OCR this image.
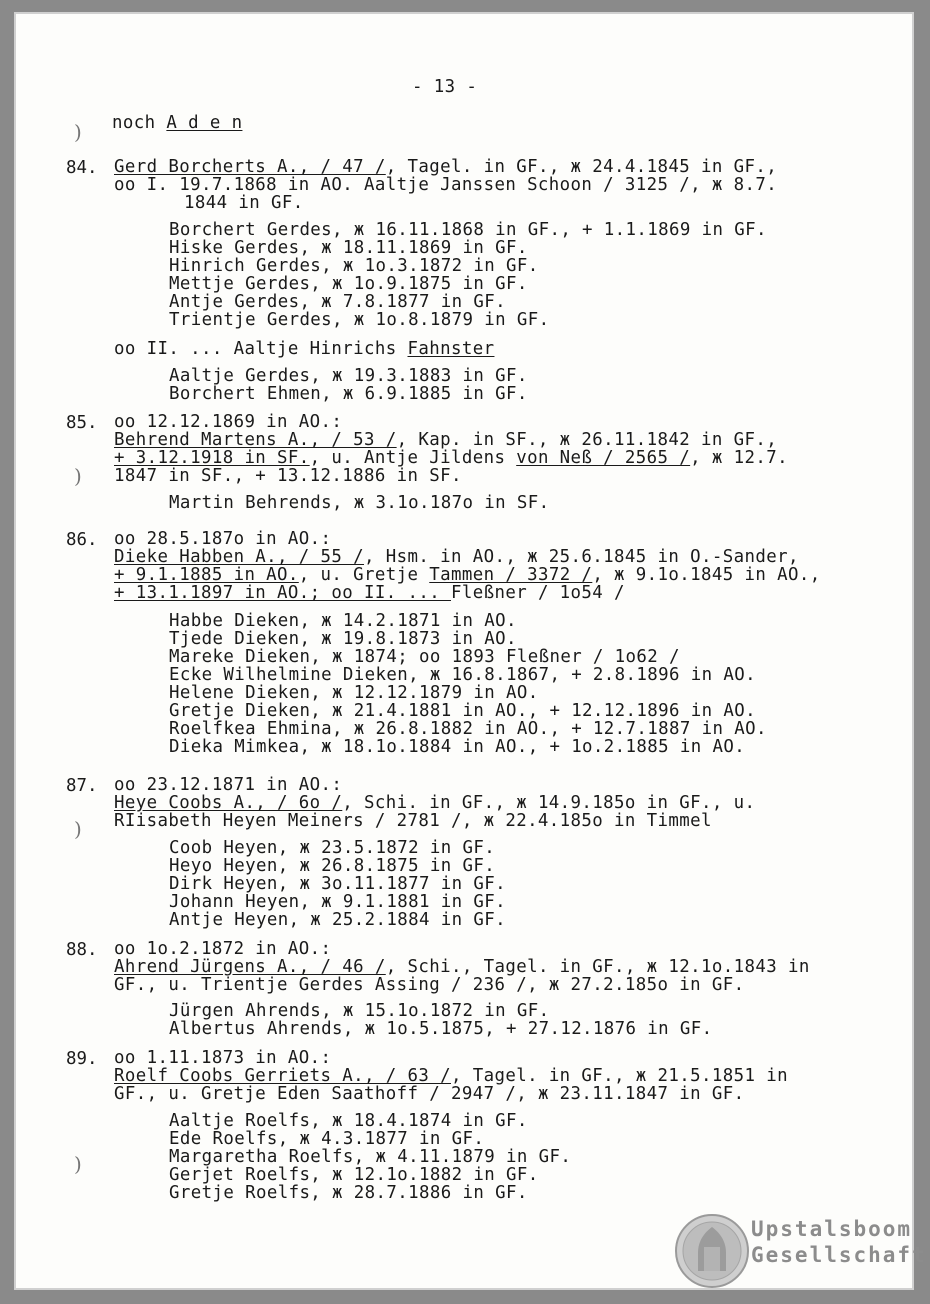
- 13 -
) noch A d e n
84. Gerd Borcherts A., / 47 /, Tagel. in GF., ж 24.4.1845 in GF.,
oo I. 19.7.1868 in AO. Aaltje Janssen Schoon / 3125 /, ж 8.7.
1844 in GF.
Borchert Gerdes, ж 16.11.1868 in GF., + 1.1.1869 in GF.
Hiske Gerdes, ж 18.11.1869 in GF.
Hinrich Gerdes, ж 1o.3.1872 in GF.
Mettje Gerdes, ж 1o.9.1875 in GF.
Antje Gerdes, ж 7.8.1877 in GF.
Trientje Gerdes, ж 1o.8.1879 in GF.
oo II. ... Aaltje Hinrichs Fahnster
Aaltje Gerdes, ж 19.3.1883 in GF.
Borchert Ehmen, ж 6.9.1885 in GF.
85. oo 12.12.1869 in AO.:
Behrend Martens A., / 53 /, Kap. in SF., ж 26.11.1842 in GF.,
+ 3.12.1918 in SF., u. Antje Jildens von Neß / 2565 /, ж 12.7.
1847 in SF., + 13.12.1886 in SF.
Martin Behrends, ж 3.1o.187o in SF.
86. oo 28.5.187o in AO.:
Dieke Habben A., / 55 /, Hsm. in AO., ж 25.6.1845 in O.-Sander,
+ 9.1.1885 in AO., u. Gretje Tammen / 3372 /, ж 9.1o.1845 in AO.,
+ 13.1.1897 in AO.; oo II. ... Fleßner / 1o54 /
Habbe Dieken, ж 14.2.1871 in AO.
Tjede Dieken, ж 19.8.1873 in AO.
Mareke Dieken, ж 1874; oo 1893 Fleßner / 1o62 /
Ecke Wilhelmine Dieken, ж 16.8.1867, + 2.8.1896 in AO.
Helene Dieken, ж 12.12.1879 in AO.
Gretje Dieken, ж 21.4.1881 in AO., + 12.12.1896 in AO.
Roelfkea Ehmina, ж 26.8.1882 in AO., + 12.7.1887 in AO.
Dieka Mimkea, ж 18.1o.1884 in AO., + 1o.2.1885 in AO.
87. oo 23.12.1871 in AO.:
Heye Coobs A., / 6o /, Schi. in GF., ж 14.9.185o in GF., u.
RIisabeth Heyen Meiners / 2781 /, ж 22.4.185o in Timmel
Coob Heyen, ж 23.5.1872 in GF.
Heyo Heyen, ж 26.8.1875 in GF.
Dirk Heyen, ж 3o.11.1877 in GF.
Johann Heyen, ж 9.1.1881 in GF.
Antje Heyen, ж 25.2.1884 in GF.
88. oo 1o.2.1872 in AO.:
Ahrend Jürgens A., / 46 /, Schi., Tagel. in GF., ж 12.1o.1843 in
GF., u. Trientje Gerdes Assing / 236 /, ж 27.2.185o in GF.
Jürgen Ahrends, ж 15.1o.1872 in GF.
Albertus Ahrends, ж 1o.5.1875, + 27.12.1876 in GF.
89. oo 1.11.1873 in AO.:
Roelf Coobs Gerriets A., / 63 /, Tagel. in GF., ж 21.5.1851 in
GF., u. Gretje Eden Saathoff / 2947 /, ж 23.11.1847 in GF.
Aaltje Roelfs, ж 18.4.1874 in GF.
Ede Roelfs, ж 4.3.1877 in GF.
Margaretha Roelfs, ж 4.11.1879 in GF.
Gerjet Roelfs, ж 12.1o.1882 in GF.
Gretje Roelfs, ж 28.7.1886 in GF.
)
)
)
Upstalsboom
Gesellschaft
